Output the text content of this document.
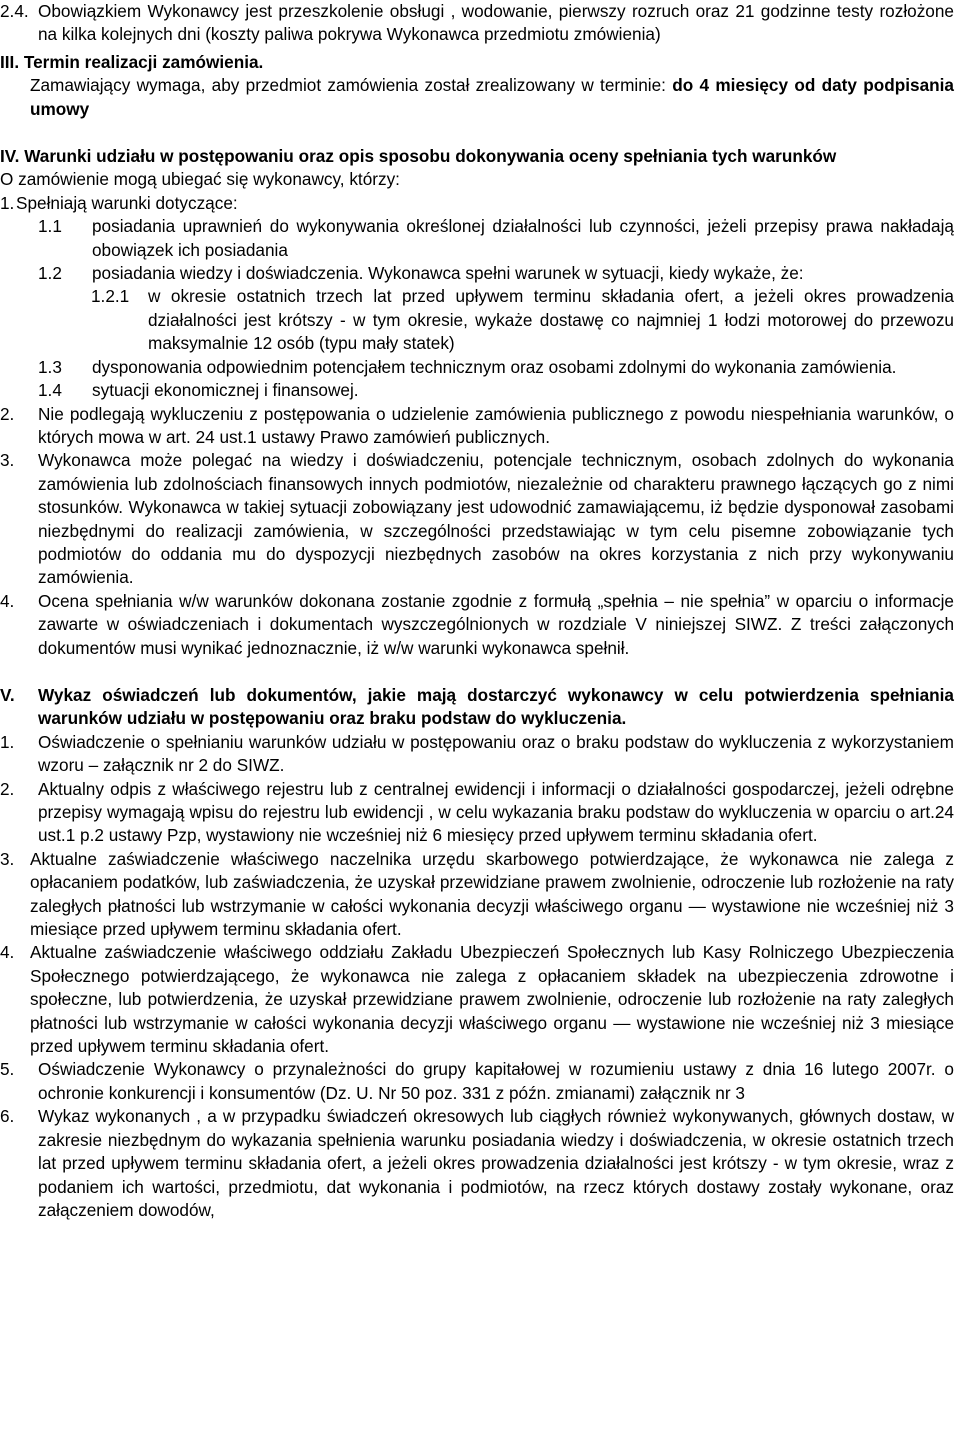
2.4. Obowiązkiem Wykonawcy jest przeszkolenie obsługi , wodowanie, pierwszy rozruch oraz 21 godzinne testy rozłożone na kilka kolejnych dni (koszty paliwa pokrywa Wykonawca przedmiotu zmówienia)
III. Termin realizacji zamówienia.
Zamawiający wymaga, aby przedmiot zamówienia został zrealizowany w terminie: do 4 miesięcy od daty podpisania umowy
IV. Warunki udziału w postępowaniu oraz opis sposobu dokonywania oceny spełniania tych warunków
O zamówienie mogą ubiegać się wykonawcy, którzy:
1. Spełniają warunki dotyczące:
1.1	posiadania uprawnień do wykonywania określonej działalności lub czynności, jeżeli przepisy prawa nakładają obowiązek ich posiadania
1.2	posiadania wiedzy i doświadczenia. Wykonawca spełni warunek w sytuacji, kiedy wykaże, że:
1.2.1	w okresie ostatnich trzech lat przed upływem terminu składania ofert, a jeżeli okres prowadzenia działalności jest krótszy - w tym okresie, wykaże dostawę co najmniej 1 łodzi motorowej do przewozu maksymalnie 12 osób (typu mały statek)
1.3	dysponowania odpowiednim potencjałem technicznym oraz osobami zdolnymi do wykonania zamówienia.
1.4	sytuacji ekonomicznej i finansowej.
2.	Nie podlegają wykluczeniu z postępowania o udzielenie zamówienia publicznego z powodu niespełniania warunków, o których mowa w art. 24 ust.1 ustawy Prawo zamówień publicznych.
3.	Wykonawca może polegać na wiedzy i doświadczeniu, potencjale technicznym, osobach zdolnych do wykonania zamówienia lub zdolnościach finansowych innych podmiotów, niezależnie od charakteru prawnego łączących go z nimi stosunków. Wykonawca w takiej sytuacji zobowiązany jest udowodnić zamawiającemu, iż będzie dysponował zasobami niezbędnymi do realizacji zamówienia, w szczególności przedstawiając w tym celu pisemne zobowiązanie tych podmiotów do oddania mu do dyspozycji niezbędnych zasobów na okres korzystania z nich przy wykonywaniu zamówienia.
4.	Ocena spełniania w/w warunków dokonana zostanie zgodnie z formułą „spełnia – nie spełnia” w oparciu o informacje zawarte w oświadczeniach i dokumentach wyszczególnionych w rozdziale V niniejszej SIWZ. Z treści załączonych dokumentów musi wynikać jednoznacznie, iż w/w warunki wykonawca spełnił.
V.	Wykaz oświadczeń lub dokumentów, jakie mają dostarczyć wykonawcy w celu potwierdzenia spełniania warunków udziału w postępowaniu oraz braku podstaw do wykluczenia.
1.	Oświadczenie o spełnianiu warunków udziału w postępowaniu oraz o braku podstaw do wykluczenia z wykorzystaniem wzoru – załącznik nr 2 do SIWZ.
2.	Aktualny odpis z właściwego rejestru lub z centralnej ewidencji i informacji o działalności gospodarczej, jeżeli odrębne przepisy wymagają wpisu do rejestru lub ewidencji , w celu wykazania braku podstaw do wykluczenia w oparciu o art.24 ust.1 p.2 ustawy Pzp, wystawiony nie wcześniej niż 6 miesięcy przed upływem terminu składania ofert.
3. Aktualne zaświadczenie właściwego naczelnika urzędu skarbowego potwierdzające, że wykonawca nie zalega z opłacaniem podatków, lub zaświadczenia, że uzyskał przewidziane prawem zwolnienie, odroczenie lub rozłożenie na raty zaległych płatności lub wstrzymanie w całości wykonania decyzji właściwego organu — wystawione nie wcześniej niż 3 miesiące przed upływem terminu składania ofert.
4. Aktualne zaświadczenie właściwego oddziału Zakładu Ubezpieczeń Społecznych lub Kasy Rolniczego Ubezpieczenia Społecznego potwierdzającego, że wykonawca nie zalega z opłacaniem składek na ubezpieczenia zdrowotne i społeczne, lub potwierdzenia, że uzyskał przewidziane prawem zwolnienie, odroczenie lub rozłożenie na raty zaległych płatności lub wstrzymanie w całości wykonania decyzji właściwego organu — wystawione nie wcześniej niż 3 miesiące przed upływem terminu składania ofert.
5.	Oświadczenie Wykonawcy o przynależności do grupy kapitałowej w rozumieniu ustawy z dnia 16 lutego 2007r. o ochronie konkurencji i konsumentów (Dz. U. Nr 50 poz. 331 z późn. zmianami) załącznik nr 3
6.	Wykaz wykonanych , a w przypadku świadczeń okresowych lub ciągłych również wykonywanych, głównych dostaw, w zakresie niezbędnym do wykazania spełnienia warunku posiadania wiedzy i doświadczenia, w okresie ostatnich trzech lat przed upływem terminu składania ofert, a jeżeli okres prowadzenia działalności jest krótszy - w tym okresie, wraz z podaniem ich wartości, przedmiotu, dat wykonania i podmiotów, na rzecz których dostawy zostały wykonane, oraz załączeniem dowodów,
